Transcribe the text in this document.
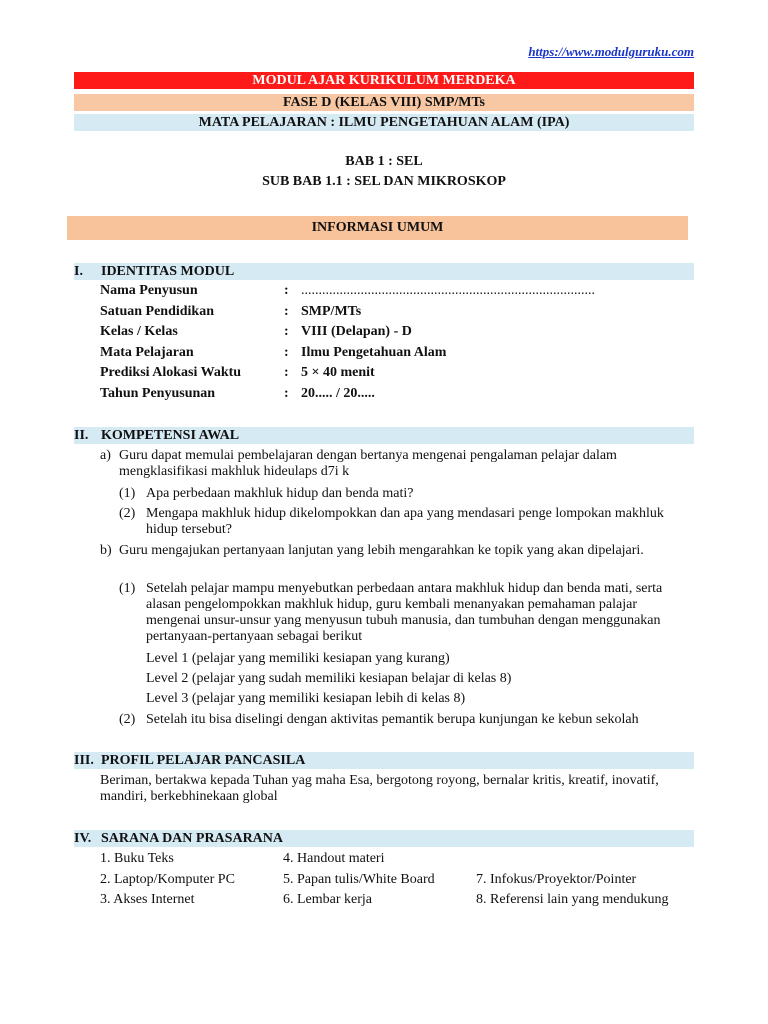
https://www.modulguruku.com
MODUL AJAR KURIKULUM MERDEKA
FASE D (KELAS VIII) SMP/MTs
MATA PELAJARAN : ILMU PENGETAHUAN ALAM (IPA)
BAB 1 : SEL
SUB BAB 1.1 : SEL DAN MIKROSKOP
INFORMASI UMUM
I. IDENTITAS MODUL
Nama Penyusun	: ....................................................................................
Satuan Pendidikan	: SMP/MTs
Kelas / Kelas	: VIII (Delapan) - D
Mata Pelajaran	: Ilmu Pengetahuan Alam
Prediksi Alokasi Waktu	: 5 × 40 menit
Tahun Penyusunan	: 20..... / 20.....
II. KOMPETENSI AWAL
a) Guru dapat memulai pembelajaran dengan bertanya mengenai pengalaman pelajar dalam mengklasifikasi makhluk hideulaps d7i k
(1) Apa perbedaan makhluk hidup dan benda mati?
(2) Mengapa makhluk hidup dikelompokkan dan apa yang mendasari penge lompokan makhluk hidup tersebut?
b) Guru mengajukan pertanyaan lanjutan yang lebih mengarahkan ke topik yang akan dipelajari.
(1) Setelah pelajar mampu menyebutkan perbedaan antara makhluk hidup dan benda mati, serta alasan pengelompokkan makhluk hidup, guru kembali menanyakan pemahaman palajar mengenai unsur-unsur yang menyusun tubuh manusia, dan tumbuhan dengan menggunakan pertanyaan-pertanyaan sebagai berikut
Level 1 (pelajar yang memiliki kesiapan yang kurang)
Level 2 (pelajar yang sudah memiliki kesiapan belajar di kelas 8)
Level 3 (pelajar yang memiliki kesiapan lebih di kelas 8)
(2) Setelah itu bisa diselingi dengan aktivitas pemantik berupa kunjungan ke kebun sekolah
III. PROFIL PELAJAR PANCASILA
Beriman, bertakwa kepada Tuhan yag maha Esa, bergotong royong, bernalar kritis, kreatif, inovatif, mandiri, berkebhinekaan global
IV. SARANA DAN PRASARANA
1. Buku Teks
2. Laptop/Komputer PC
3. Akses Internet
4. Handout materi
5. Papan tulis/White Board
6. Lembar kerja
7. Infokus/Proyektor/Pointer
8. Referensi lain yang mendukung
